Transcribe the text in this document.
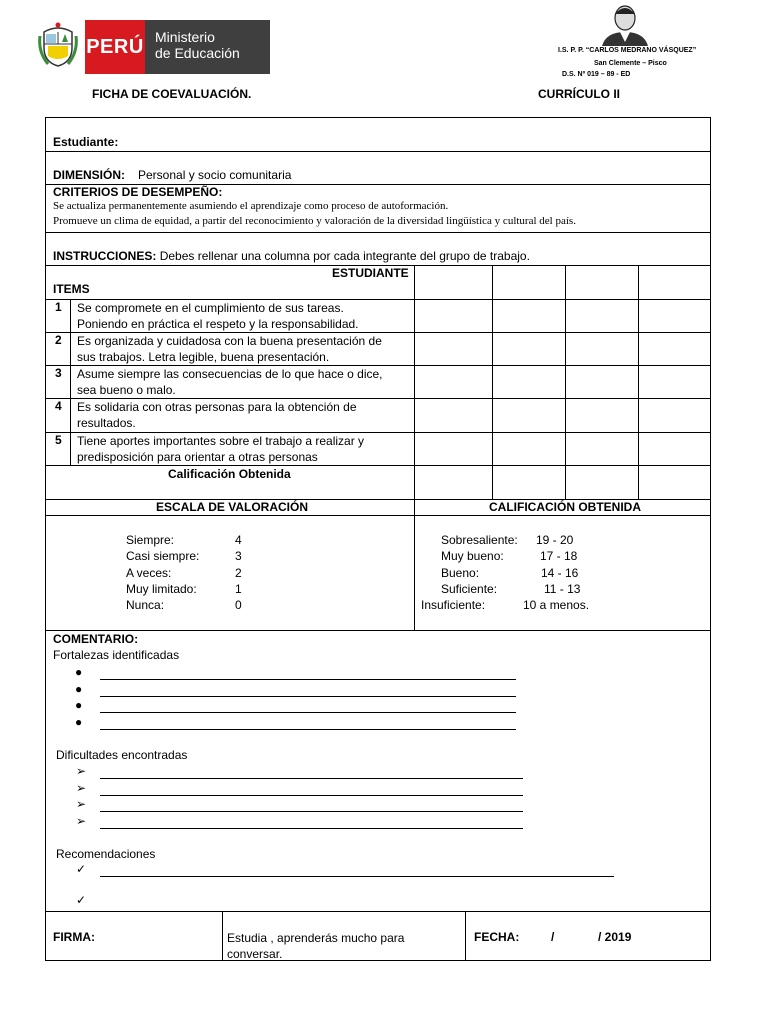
PERÚ Ministerio
de Educación	I.S. P. P. “CARLOS MEDRANO VÁSQUEZ”
San Clemente – Pisco
D.S. Nº 019 – 89 - ED
FICHA DE COEVALUACIÓN.	CURRÍCULO II
Estudiante:
DIMENSIÓN: Personal y socio comunitaria
CRITERIOS DE DESEMPEÑO:
Se actualiza permanentemente asumiendo el aprendizaje como proceso de autoformación.
Promueve un clima de equidad, a partir del reconocimiento y valoración de la diversidad lingüística y cultural del país.
INSTRUCCIONES: Debes rellenar una columna por cada integrante del grupo de trabajo.
ESTUDIANTE
ITEMS
1 Se compromete en el cumplimiento de sus tareas.
Poniendo en práctica el respeto y la responsabilidad.
2 Es organizada y cuidadosa con la buena presentación de
sus trabajos. Letra legible, buena presentación.
3 Asume siempre las consecuencias de lo que hace o dice,
sea bueno o malo.
4 Es solidaria con otras personas para la obtención de
resultados.
5 Tiene aportes importantes sobre el trabajo a realizar y
predisposición para orientar a otras personas
Calificación Obtenida
ESCALA DE VALORACIÓN	CALIFICACIÓN OBTENIDA
Siempre:	4
Casi siempre:	3
A veces:	2
Muy limitado:	1
Nunca:	0
Sobresaliente: 19 - 20
Muy bueno:	17 - 18
Bueno:	14 - 16
Suficiente:	11 - 13
Insuficiente:	10 a menos.
COMENTARIO:
Fortalezas identificadas
●
●
●
●
Dificultades encontradas
➢
➢
➢
➢
Recomendaciones
✓
✓
FIRMA:	Estudia , aprenderás mucho para
conversar.
FECHA:	/	/ 2019
